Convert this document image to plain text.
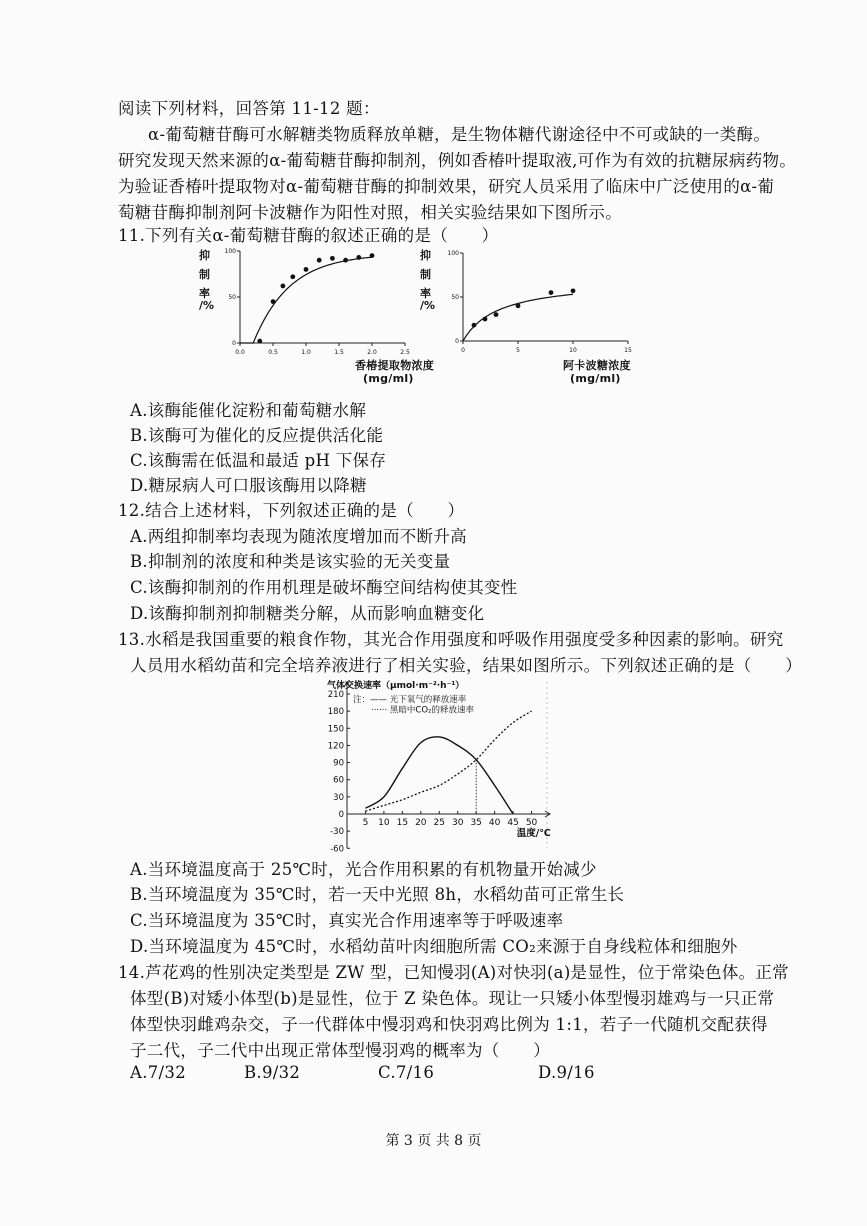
阅读下列材料，回答第 11-12 题：
α-葡萄糖苷酶可水解糖类物质释放单糖，是生物体糖代谢途径中不可或缺的一类酶。
研究发现天然来源的α-葡萄糖苷酶抑制剂，例如香椿叶提取液,可作为有效的抗糖尿病药物。
为验证香椿叶提取物对α-葡萄糖苷酶的抑制效果，研究人员采用了临床中广泛使用的α-葡
萄糖苷酶抑制剂阿卡波糖作为阳性对照，相关实验结果如下图所示。
11.下列有关α-葡萄糖苷酶的叙述正确的是（　　）
抑
制
率
/%
0.0	0.5	1.0	1.5	2.0	2.5
0
50
100
香椿提取物浓度
(mg/ml)
抑
制
率
/%
0	5	10	15
0
50
100
阿卡波糖浓度
(mg/ml)
A.该酶能催化淀粉和葡萄糖水解
B.该酶可为催化的反应提供活化能
C.该酶需在低温和最适 pH 下保存
D.糖尿病人可口服该酶用以降糖
12.结合上述材料，下列叙述正确的是（　　）
A.两组抑制率均表现为随浓度增加而不断升高
B.抑制剂的浓度和种类是该实验的无关变量
C.该酶抑制剂的作用机理是破坏酶空间结构使其变性
D.该酶抑制剂抑制糖类分解，从而影响血糖变化
13.水稻是我国重要的粮食作物，其光合作用强度和呼吸作用强度受多种因素的影响。研究
人员用水稻幼苗和完全培养液进行了相关实验，结果如图所示。下列叙述正确的是（　　）
气体交换速率（μmol·m⁻²·h⁻¹）
210
180
150
120
90
60
30
0
-30
-60
5 10 15 20 25 30 35 40 45 50
温度/℃
注：—— 光下氧气的释放速率
······ 黑暗中CO₂的释放速率
A.当环境温度高于 25℃时，光合作用积累的有机物量开始减少
B.当环境温度为 35℃时，若一天中光照 8h，水稻幼苗可正常生长
C.当环境温度为 35℃时，真实光合作用速率等于呼吸速率
D.当环境温度为 45℃时，水稻幼苗叶肉细胞所需 CO₂来源于自身线粒体和细胞外
14.芦花鸡的性别决定类型是 ZW 型，已知慢羽(A)对快羽(a)是显性，位于常染色体。正常
体型(B)对矮小体型(b)是显性，位于 Z 染色体。现让一只矮小体型慢羽雄鸡与一只正常
体型快羽雌鸡杂交，子一代群体中慢羽鸡和快羽鸡比例为 1:1，若子一代随机交配获得
子二代，子二代中出现正常体型慢羽鸡的概率为（　　）
A.7/32	B.9/32	C.7/16	D.9/16
第 3 页 共 8 页
